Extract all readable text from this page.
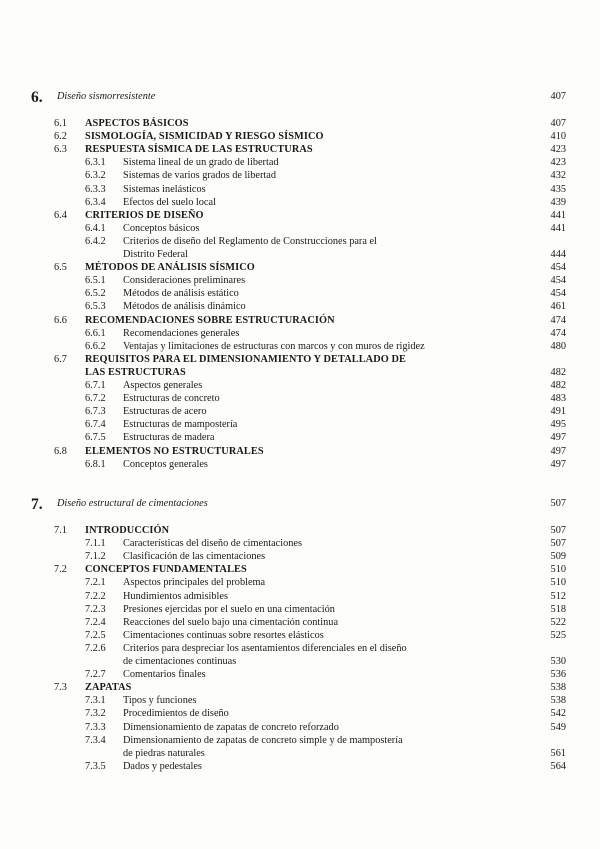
6. Diseño sismorresistente	407
6.1	ASPECTOS BÁSICOS	407
6.2	SISMOLOGÍA, SISMICIDAD Y RIESGO SÍSMICO	410
6.3	RESPUESTA SÍSMICA DE LAS ESTRUCTURAS	423
6.3.1 Sistema lineal de un grado de libertad	423
6.3.2 Sistemas de varios grados de libertad	432
6.3.3 Sistemas inelásticos	435
6.3.4 Efectos del suelo local	439
6.4	CRITERIOS DE DISEÑO	441
6.4.1 Conceptos básicos	441
6.4.2 Criterios de diseño del Reglamento de Construcciones para el
Distrito Federal	444
6.5	MÉTODOS DE ANÁLISIS SÍSMICO	454
6.5.1 Consideraciones preliminares	454
6.5.2 Métodos de análisis estático	454
6.5.3 Métodos de análisis dinámico	461
6.6	RECOMENDACIONES SOBRE ESTRUCTURACIÓN	474
6.6.1 Recomendaciones generales	474
6.6.2 Ventajas y limitaciones de estructuras con marcos y con muros de rigidez	480
6.7	REQUISITOS PARA EL DIMENSIONAMIENTO Y DETALLADO DE
LAS ESTRUCTURAS	482
6.7.1 Aspectos generales	482
6.7.2 Estructuras de concreto	483
6.7.3 Estructuras de acero	491
6.7.4 Estructuras de mampostería	495
6.7.5 Estructuras de madera	497
6.8	ELEMENTOS NO ESTRUCTURALES	497
6.8.1 Conceptos generales	497
7. Diseño estructural de cimentaciones	507
7.1	INTRODUCCIÓN	507
7.1.1 Características del diseño de cimentaciones	507
7.1.2 Clasificación de las cimentaciones	509
7.2	CONCEPTOS FUNDAMENTALES	510
7.2.1 Aspectos principales del problema	510
7.2.2 Hundimientos admisibles	512
7.2.3 Presiones ejercidas por el suelo en una cimentación	518
7.2.4 Reacciones del suelo bajo una cimentación continua	522
7.2.5 Cimentaciones continuas sobre resortes elásticos	525
7.2.6 Criterios para despreciar los asentamientos diferenciales en el diseño
de cimentaciones continuas	530
7.2.7 Comentarios finales	536
7.3	ZAPATAS	538
7.3.1 Tipos y funciones	538
7.3.2 Procedimientos de diseño	542
7.3.3 Dimensionamiento de zapatas de concreto reforzado	549
7.3.4 Dimensionamiento de zapatas de concreto simple y de mampostería
de piedras naturales	561
7.3.5 Dados y pedestales	564
